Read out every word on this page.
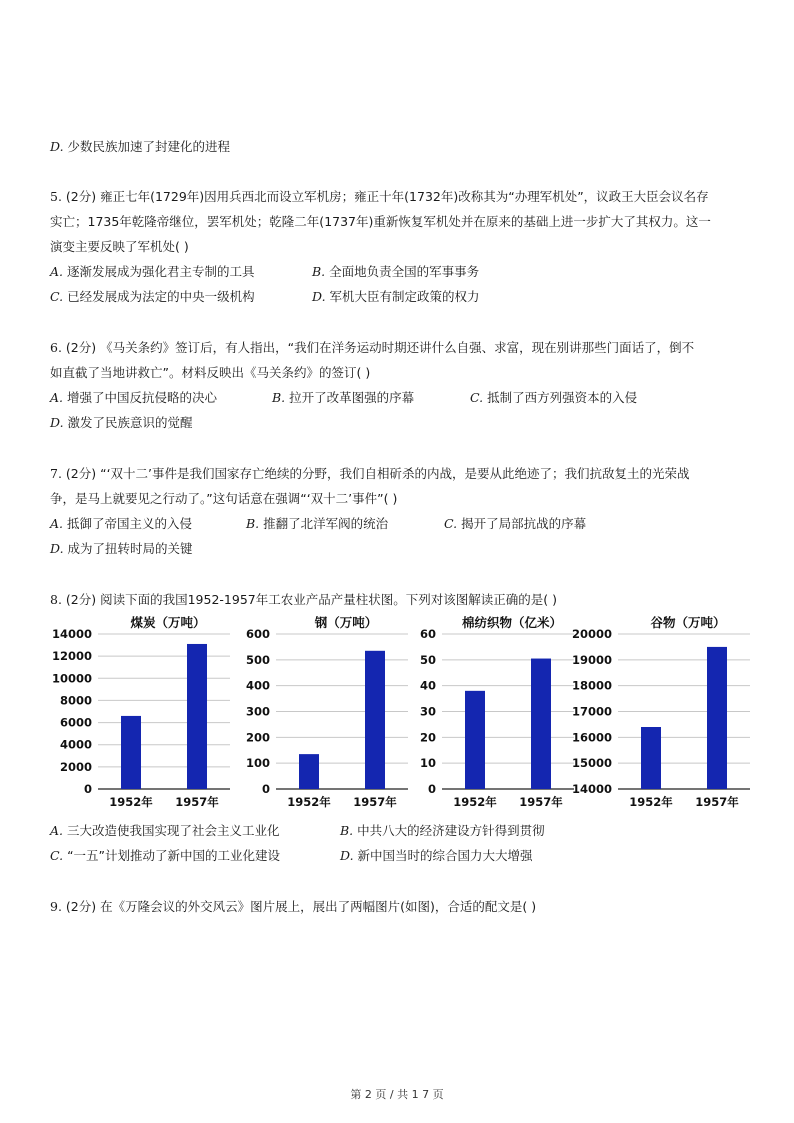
D. 少数民族加速了封建化的进程
5. (2分) 雍正七年(1729年)因用兵西北而设立军机房；雍正十年(1732年)改称其为“办理军机处”，议政王大臣会议名存
实亡；1735年乾隆帝继位，罢军机处；乾隆二年(1737年)重新恢复军机处并在原来的基础上进一步扩大了其权力。这一
演变主要反映了军机处( )
A. 逐渐发展成为强化君主专制的工具	B. 全面地负责全国的军事事务
C. 已经发展成为法定的中央一级机构	D. 军机大臣有制定政策的权力
6. (2分) 《马关条约》签订后，有人指出，“我们在洋务运动时期还讲什么自强、求富，现在别讲那些门面话了，倒不
如直截了当地讲救亡”。材料反映出《马关条约》的签订( )
A. 增强了中国反抗侵略的决心	B. 拉开了改革图强的序幕	C. 抵制了西方列强资本的入侵
D. 激发了民族意识的觉醒
7. (2分) “‘双十二’事件是我们国家存亡绝续的分野，我们自相斫杀的内战，是要从此绝迹了；我们抗敌复土的光荣战
争，是马上就要见之行动了。”这句话意在强调“‘双十二’事件”( )
A. 抵御了帝国主义的入侵	B. 推翻了北洋军阀的统治	C. 揭开了局部抗战的序幕
D. 成为了扭转时局的关键
8. (2分) 阅读下面的我国1952-1957年工农业产品产量柱状图。下列对该图解读正确的是( )
煤炭（万吨）
0
2000
4000
6000
8000
10000
12000
14000
1952年 1957年
钢（万吨）
0
100
200
300
400
500
600
1952年 1957年
棉纺织物（亿米）
0
10
20
30
40
50
60
1952年 1957年
谷物（万吨）
14000
15000
16000
17000
18000
19000
20000
1952年 1957年
A. 三大改造使我国实现了社会主义工业化	B. 中共八大的经济建设方针得到贯彻
C. “一五”计划推动了新中国的工业化建设	D. 新中国当时的综合国力大大增强
9. (2分) 在《万隆会议的外交风云》图片展上，展出了两幅图片(如图)，合适的配文是( )
第 2 页 / 共 1 7 页
